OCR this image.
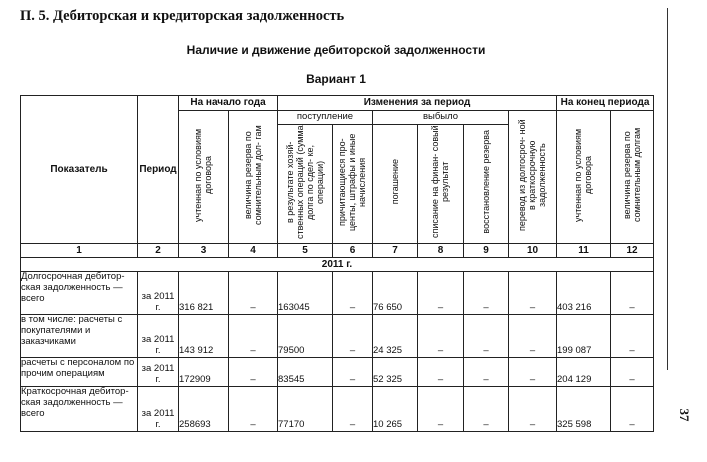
П. 5. Дебиторская и кредиторская задолженность
Наличие и движение дебиторской задолженности
Вариант 1
37
Показатель	Период	На начало года		Изменения за период						На конец периода	
		учтенная по условиям договора	величина резерва по сомнительным дол- гам	поступление		выбыло			перевод из долгосроч- ной в краткосрочную задолженность	учтенная по условиям договора	величина резерва по сомнительным долгам
				в результате хозяй- ственных операций (сумма долга по сдел- ке, операции)	причитающиеся про- центы, штрафы и иные начисления	погашение	списание на финан- совый результат	восстановление резерва			
1	2	3	4	5	6	7	8	9	10	11	12
2011 г.											
Долгосрочная дебитор- ская задолженность — всего	за 2011 г.	316 821	–	163045	–	76 650	–	–	–	403 216	–
в том числе: расчеты с покупателями и заказчиками	за 2011 г.	143 912	–	79500	–	24 325	–	–	–	199 087	–
расчеты с персоналом по прочим операциям	за 2011 г.	172909	–	83545	–	52 325	–	–	–	204 129	–
Краткосрочная дебитор- ская задолженность — всего	за 2011 г.	258693	–	77170	–	10 265	–	–	–	325 598	–
